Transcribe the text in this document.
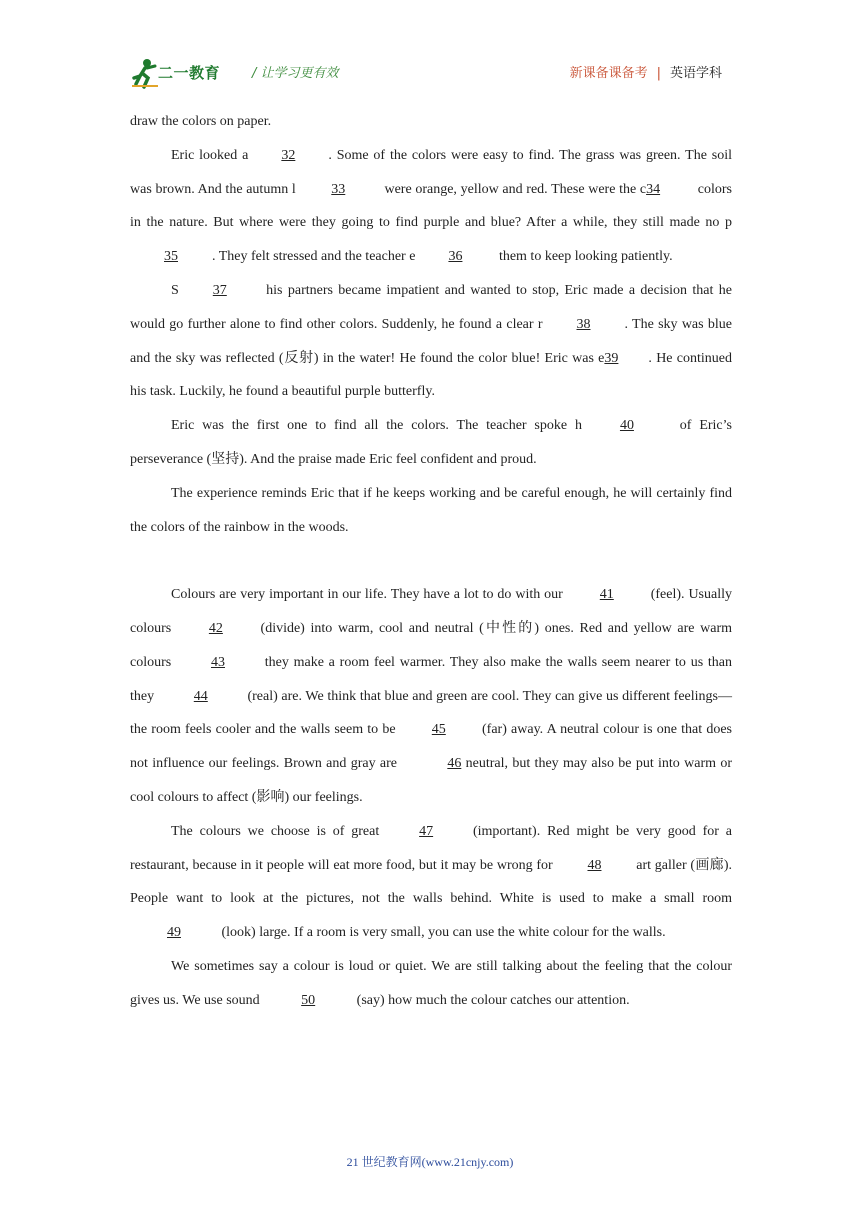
二一教育 / 让学习更有效	新课备课备考 | 英语学科

draw the colors on paper.

Eric looked a 32 . Some of the colors were easy to find. The grass was green. The soil was brown. And the autumn l	33	were orange, yellow and red. These were the c34 colors in the nature. But where were they going to find purple and blue? After a while, they still made no p35 . They felt stressed and the teacher e 36 them to keep looking patiently.

S 37 his partners became impatient and wanted to stop, Eric made a decision that he would go further alone to find other colors. Suddenly, he found a clear r 38 . The sky was blue and the sky was reflected (反射) in the water! He found the color blue! Eric was e39 . He continued his task. Luckily, he found a beautiful purple butterfly.

Eric was the first one to find all the colors. The teacher spoke h	40	of Eric’s perseverance (坚持). And the praise made Eric feel confident and proud.

The experience reminds Eric that if he keeps working and be careful enough, he will certainly find the colors of the rainbow in the woods.

Colours are very important in our life. They have a lot to do with our 41 (feel). Usually colours 42 (divide) into warm, cool and neutral (中性的) ones. Red and yellow are warm colours	43	they make a room feel warmer. They also make the walls seem nearer to us than they	44	(real) are. We think that blue and green are cool. They can give us different feelings—the room feels cooler and the walls seem to be 45 (far) away. A neutral colour is one that does not influence our feelings. Brown and gray are	46 neutral, but they may also be put into warm or cool colours to affect (影响) our feelings.

The colours we choose is of great 47 (important). Red might be very good for a restaurant, because in it people will eat more food, but it may be wrong for 48 art galler (画廊). People want to look at the pictures, not the walls behind. White is used to make a small room 49	(look) large. If a room is very small, you can use the white colour for the walls.

We sometimes say a colour is loud or quiet. We are still talking about the feeling that the colour gives us. We use sound	50	(say) how much the colour catches our attention.

21 世纪教育网(www.21cnjy.com)
